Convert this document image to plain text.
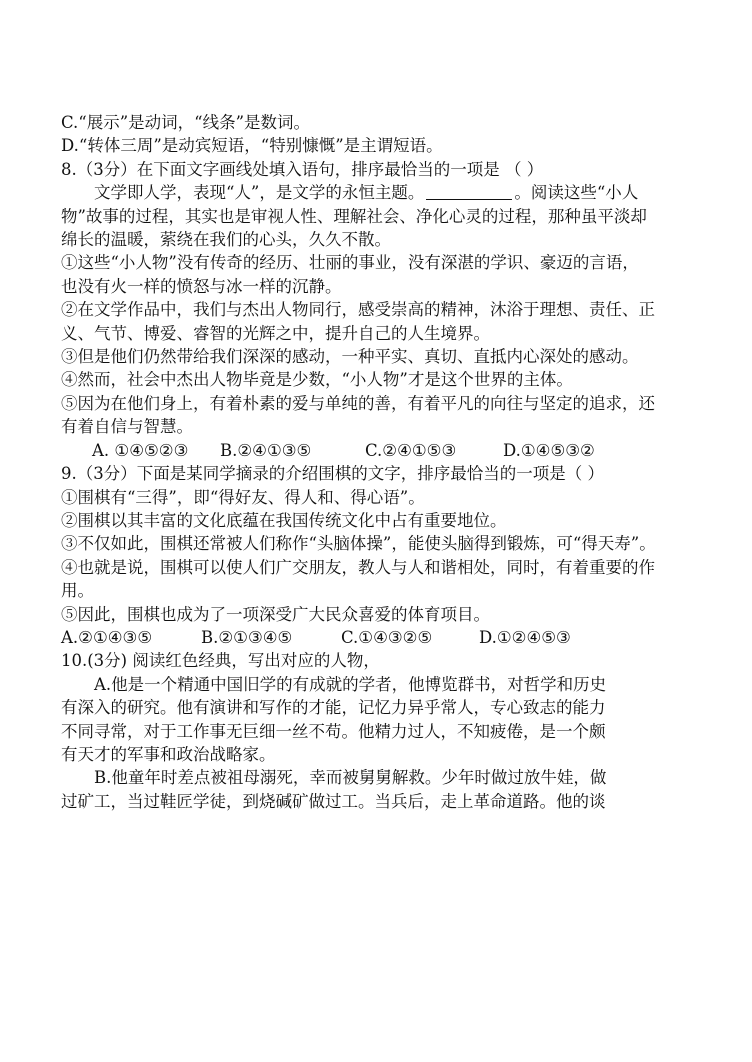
C.“展示”是动词，“线条”是数词。
D.“转体三周”是动宾短语，“特别慷慨”是主谓短语。
8.（3分）在下面文字画线处填入语句，排序最恰当的一项是 （ ）
文学即人学，表现“人”，是文学的永恒主题。	。阅读这些“小人
物”故事的过程，其实也是审视人性、理解社会、净化心灵的过程，那种虽平淡却
绵长的温暖，萦绕在我们的心头，久久不散。
①这些“小人物”没有传奇的经历、壮丽的事业，没有深湛的学识、豪迈的言语，
也没有火一样的愤怒与冰一样的沉静。
②在文学作品中，我们与杰出人物同行，感受崇高的精神，沐浴于理想、责任、正
义、气节、博爱、睿智的光辉之中，提升自己的人生境界。
③但是他们仍然带给我们深深的感动，一种平实、真切、直抵内心深处的感动。
④然而，社会中杰出人物毕竟是少数，“小人物”才是这个世界的主体。
⑤因为在他们身上，有着朴素的爱与单纯的善，有着平凡的向往与坚定的追求，还
有着自信与智慧。
A. ①④⑤②③ B.②④①③⑤	C.②④①⑤③	D.①④⑤③②
9.（3分）下面是某同学摘录的介绍围棋的文字，排序最恰当的一项是（ ）
①围棋有“三得”，即“得好友、得人和、得心语”。
②围棋以其丰富的文化底蕴在我国传统文化中占有重要地位。
③不仅如此，围棋还常被人们称作“头脑体操”，能使头脑得到锻炼，可“得天寿”。
④也就是说，围棋可以使人们广交朋友，教人与人和谐相处，同时，有着重要的作
用。
⑤因此，围棋也成为了一项深受广大民众喜爱的体育项目。
A.②①④③⑤	B.②①③④⑤	C.①④③②⑤	D.①②④⑤③
10.(3分) 阅读红色经典，写出对应的人物，
A.他是一个精通中国旧学的有成就的学者，他博览群书，对哲学和历史
有深入的研究。他有演讲和写作的才能，记忆力异乎常人，专心致志的能力
不同寻常，对于工作事无巨细一丝不苟。他精力过人，不知疲倦，是一个颇
有天才的军事和政治战略家。
B.他童年时差点被祖母溺死，幸而被舅舅解救。少年时做过放牛娃，做
过矿工，当过鞋匠学徒，到烧碱矿做过工。当兵后，走上革命道路。他的谈
